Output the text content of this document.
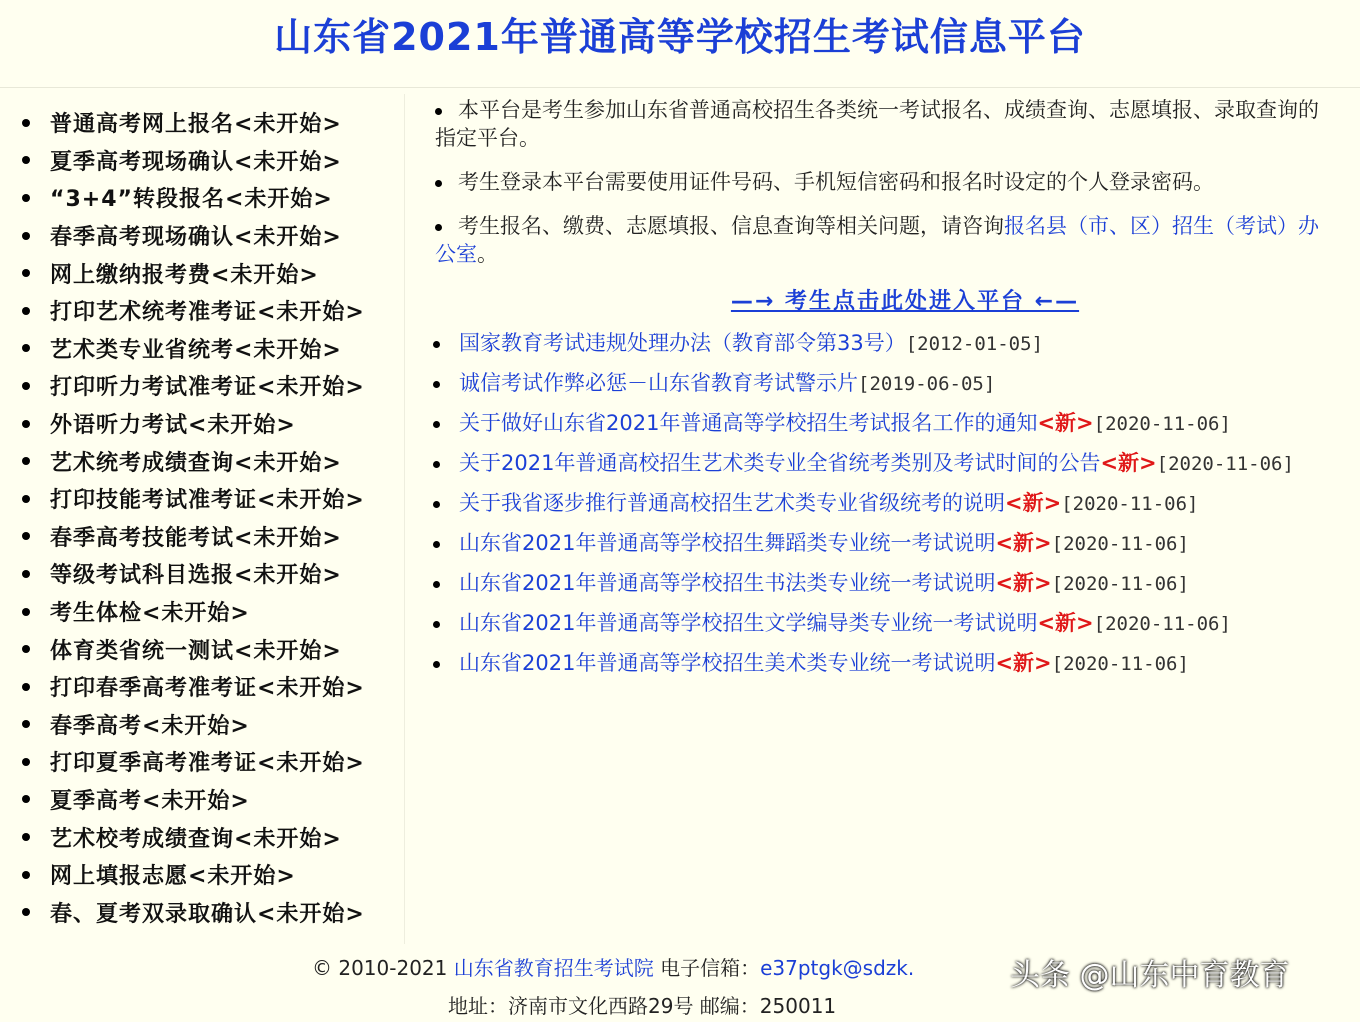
山东省2021年普通高等学校招生考试信息平台
普通高考网上报名<未开始>
夏季高考现场确认<未开始>
“3+4”转段报名<未开始>
春季高考现场确认<未开始>
网上缴纳报考费<未开始>
打印艺术统考准考证<未开始>
艺术类专业省统考<未开始>
打印听力考试准考证<未开始>
外语听力考试<未开始>
艺术统考成绩查询<未开始>
打印技能考试准考证<未开始>
春季高考技能考试<未开始>
等级考试科目选报<未开始>
考生体检<未开始>
体育类省统一测试<未开始>
打印春季高考准考证<未开始>
春季高考<未开始>
打印夏季高考准考证<未开始>
夏季高考<未开始>
艺术校考成绩查询<未开始>
网上填报志愿<未开始>
春、夏考双录取确认<未开始>

本平台是考生参加山东省普通高校招生各类统一考试报名、成绩查询、志愿填报、录取查询的指定平台。

考生登录本平台需要使用证件号码、手机短信密码和报名时设定的个人登录密码。

考生报名、缴费、志愿填报、信息查询等相关问题，请咨询报名县（市、区）招生（考试）办公室。

—→ 考生点击此处进入平台 ←—
国家教育考试违规处理办法（教育部令第33号）[2012-01-05]
诚信考试作弊必惩－山东省教育考试警示片[2019-06-05]
关于做好山东省2021年普通高等学校招生考试报名工作的通知<新>[2020-11-06]
关于2021年普通高校招生艺术类专业全省统考类别及考试时间的公告<新>[2020-11-06]
关于我省逐步推行普通高校招生艺术类专业省级统考的说明<新>[2020-11-06]
山东省2021年普通高等学校招生舞蹈类专业统一考试说明<新>[2020-11-06]
山东省2021年普通高等学校招生书法类专业统一考试说明<新>[2020-11-06]
山东省2021年普通高等学校招生文学编导类专业统一考试说明<新>[2020-11-06]
山东省2021年普通高等学校招生美术类专业统一考试说明<新>[2020-11-06]
© 2010-2021 山东省教育招生考试院 电子信箱：e37ptgk@sdzk.
地址：济南市文化西路29号 邮编：250011
头条 @山东中育教育
